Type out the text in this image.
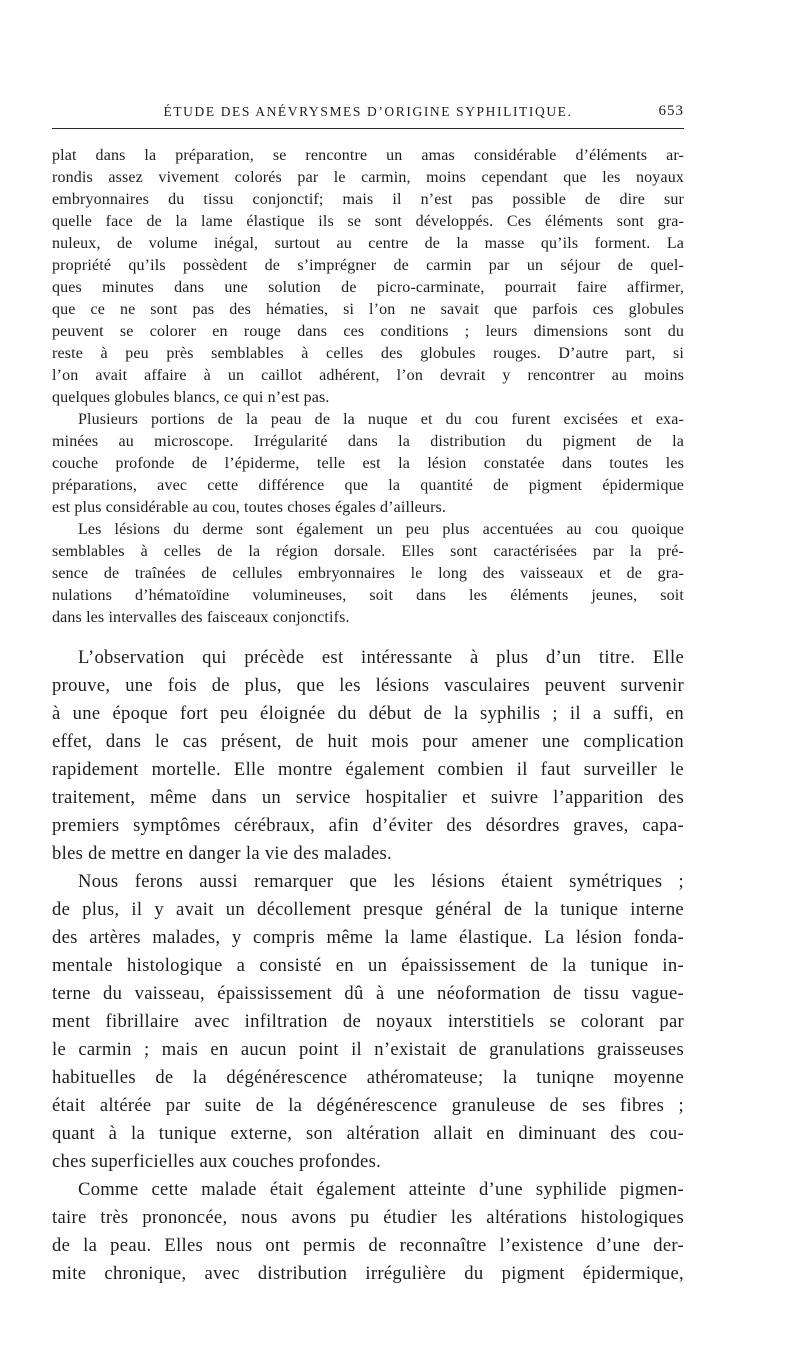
ÉTUDE DES ANÉVRYSMES D’ORIGINE SYPHILITIQUE.	653
plat dans la préparation, se rencontre un amas considérable d’éléments ar-
rondis assez vivement colorés par le carmin, moins cependant que les noyaux
embryonnaires du tissu conjonctif; mais il n’est pas possible de dire sur
quelle face de la lame élastique ils se sont développés. Ces éléments sont gra-
nuleux, de volume inégal, surtout au centre de la masse qu’ils forment. La
propriété qu’ils possèdent de s’imprégner de carmin par un séjour de quel-
ques minutes dans une solution de picro-carminate, pourrait faire affirmer,
que ce ne sont pas des hématies, si l’on ne savait que parfois ces globules
peuvent se colorer en rouge dans ces conditions ; leurs dimensions sont du
reste à peu près semblables à celles des globules rouges. D’autre part, si
l’on avait affaire à un caillot adhérent, l’on devrait y rencontrer au moins
quelques globules blancs, ce qui n’est pas.
Plusieurs portions de la peau de la nuque et du cou furent excisées et exa-
minées au microscope. Irrégularité dans la distribution du pigment de la
couche profonde de l’épiderme, telle est la lésion constatée dans toutes les
préparations, avec cette différence que la quantité de pigment épidermique
est plus considérable au cou, toutes choses égales d’ailleurs.
Les lésions du derme sont également un peu plus accentuées au cou quoique
semblables à celles de la région dorsale. Elles sont caractérisées par la pré-
sence de traînées de cellules embryonnaires le long des vaisseaux et de gra-
nulations d’hématoïdine volumineuses, soit dans les éléments jeunes, soit
dans les intervalles des faisceaux conjonctifs.
L’observation qui précède est intéressante à plus d’un titre. Elle
prouve, une fois de plus, que les lésions vasculaires peuvent survenir
à une époque fort peu éloignée du début de la syphilis ; il a suffi, en
effet, dans le cas présent, de huit mois pour amener une complication
rapidement mortelle. Elle montre également combien il faut surveiller le
traitement, même dans un service hospitalier et suivre l’apparition des
premiers symptômes cérébraux, afin d’éviter des désordres graves, capa-
bles de mettre en danger la vie des malades.
Nous ferons aussi remarquer que les lésions étaient symétriques ;
de plus, il y avait un décollement presque général de la tunique interne
des artères malades, y compris même la lame élastique. La lésion fonda-
mentale histologique a consisté en un épaississement de la tunique in-
terne du vaisseau, épaississement dû à une néoformation de tissu vague-
ment fibrillaire avec infiltration de noyaux interstitiels se colorant par
le carmin ; mais en aucun point il n’existait de granulations graisseuses
habituelles de la dégénérescence athéromateuse; la tuniqne moyenne
était altérée par suite de la dégénérescence granuleuse de ses fibres ;
quant à la tunique externe, son altération allait en diminuant des cou-
ches superficielles aux couches profondes.
Comme cette malade était également atteinte d’une syphilide pigmen-
taire très prononcée, nous avons pu étudier les altérations histologiques
de la peau. Elles nous ont permis de reconnaître l’existence d’une der-
mite chronique, avec distribution irrégulière du pigment épidermique,
